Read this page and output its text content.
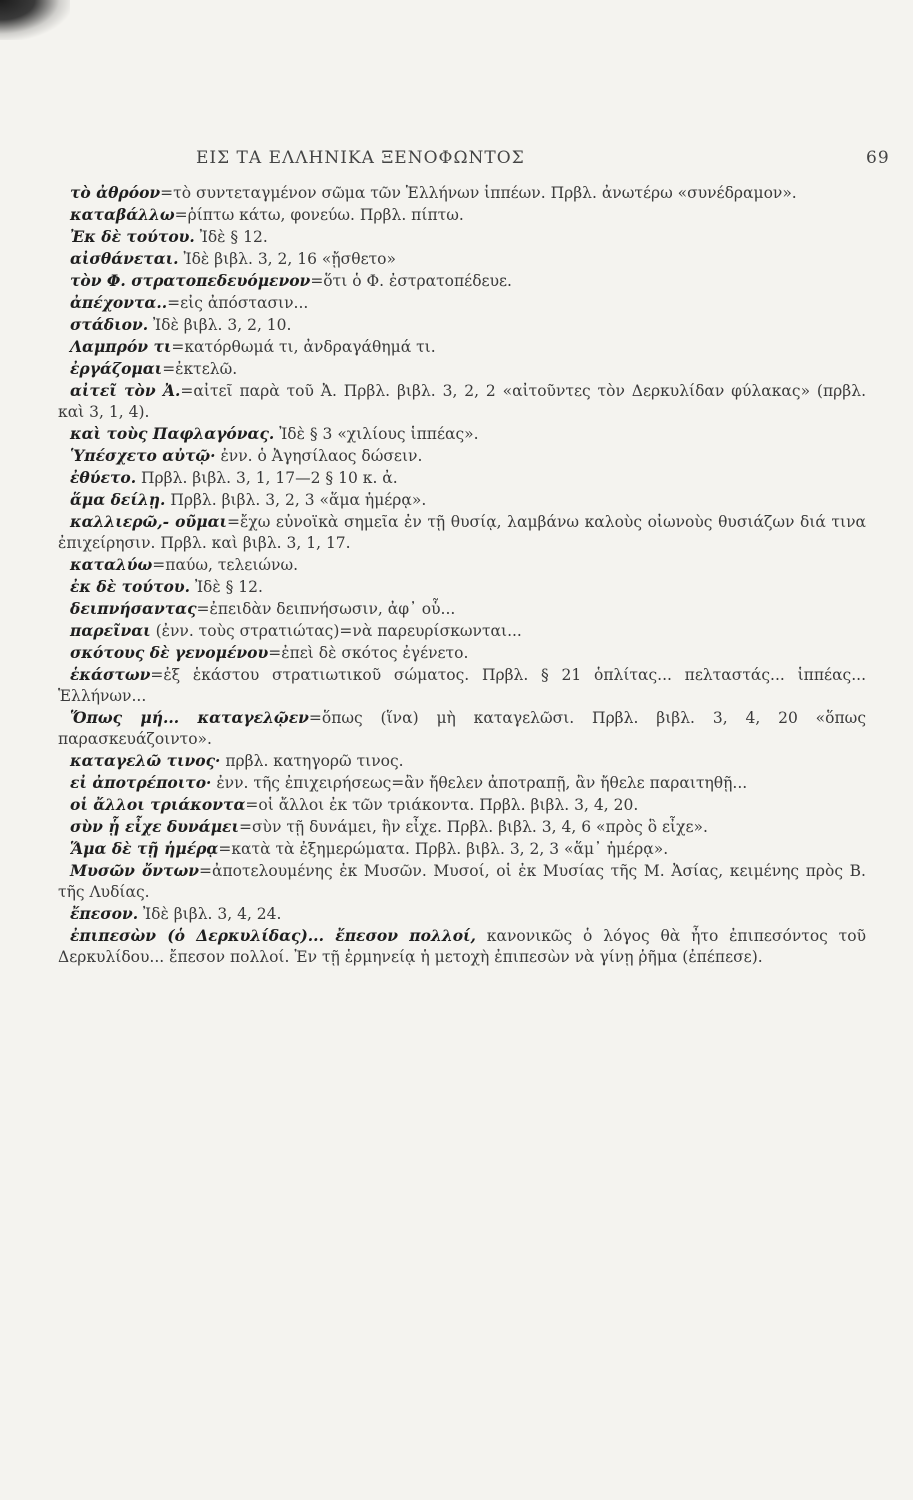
ΕΙΣ ΤΑ ΕΛΛΗΝΙΚΑ ΞΕΝΟΦΩΝΤΟΣ	69

τὸ ἀθρόον=τὸ συντεταγμένον σῶμα τῶν Ἑλλήνων ἱππέων. Πρβλ. ἀνωτέρω «συνέδραμον».

καταβάλλω=ῥίπτω κάτω, φονεύω. Πρβλ. πίπτω.

Ἐκ δὲ τούτου. Ἰδὲ § 12.

αἰσθάνεται. Ἰδὲ βιβλ. 3, 2, 16 «ᾔσθετο»

τὸν Φ. στρατοπεδευόμενον=ὅτι ὁ Φ. ἐστρατοπέδευε.

ἀπέχοντα..=εἰς ἀπόστασιν...

στάδιον. Ἰδὲ βιβλ. 3, 2, 10.

Λαμπρόν τι=κατόρθωμά τι, ἀνδραγάθημά τι.

ἐργάζομαι=ἐκτελῶ.

αἰτεῖ τὸν Ἀ.=αἰτεῖ παρὰ τοῦ Ἀ. Πρβλ. βιβλ. 3, 2, 2 «αἰτοῦντες τὸν Δερκυλίδαν φύλακας» (πρβλ. καὶ 3, 1, 4).

καὶ τοὺς Παφλαγόνας. Ἰδὲ § 3 «χιλίους ἱππέας».

Ὑπέσχετο αὐτῷ· ἐνν. ὁ Ἀγησίλαος δώσειν.

ἐθύετο. Πρβλ. βιβλ. 3, 1, 17—2 § 10 κ. ἀ.

ἅμα δείλῃ. Πρβλ. βιβλ. 3, 2, 3 «ἅμα ἡμέρᾳ».

καλλιερῶ,- οῦμαι=ἔχω εὐνοϊκὰ σημεῖα ἐν τῇ θυσίᾳ, λαμβάνω καλοὺς οἰωνοὺς θυσιάζων διά τινα ἐπιχείρησιν. Πρβλ. καὶ βιβλ. 3, 1, 17.

καταλύω=παύω, τελειώνω.

ἐκ δὲ τούτου. Ἰδὲ § 12.

δειπνήσαντας=ἐπειδὰν δειπνήσωσιν, ἀφ᾽ οὗ...

παρεῖναι (ἐνν. τοὺς στρατιώτας)=νὰ παρευρίσκωνται...

σκότους δὲ γενομένου=ἐπεὶ δὲ σκότος ἐγένετο.

ἑκάστων=ἐξ ἑκάστου στρατιωτικοῦ σώματος. Πρβλ. § 21 ὁπλίτας... πελταστάς... ἱππέας... Ἑλλήνων...

Ὅπως μή... καταγελῷεν=ὅπως (ἵνα) μὴ καταγελῶσι. Πρβλ. βιβλ. 3, 4, 20 «ὅπως παρασκευάζοιντο».

καταγελῶ τινος· πρβλ. κατηγορῶ τινος.

εἰ ἀποτρέποιτο· ἐνν. τῆς ἐπιχειρήσεως=ἂν ἤθελεν ἀποτραπῇ, ἂν ἤθελε παραιτηθῇ...

οἱ ἄλλοι τριάκοντα=οἱ ἄλλοι ἐκ τῶν τριάκοντα. Πρβλ. βιβλ. 3, 4, 20.

σὺν ᾗ εἶχε δυνάμει=σὺν τῇ δυνάμει, ἣν εἶχε. Πρβλ. βιβλ. 3, 4, 6 «πρὸς ὃ εἶχε».

Ἅμα δὲ τῇ ἡμέρᾳ=κατὰ τὰ ἐξημερώματα. Πρβλ. βιβλ. 3, 2, 3 «ἅμ᾽ ἡμέρᾳ».

Μυσῶν ὄντων=ἀποτελουμένης ἐκ Μυσῶν. Μυσοί, οἱ ἐκ Μυσίας τῆς Μ. Ἀσίας, κειμένης πρὸς Β. τῆς Λυδίας.

ἔπεσον. Ἰδὲ βιβλ. 3, 4, 24.

ἐπιπεσὼν (ὁ Δερκυλίδας)... ἔπεσον πολλοί, κανονικῶς ὁ λόγος θὰ ἦτο ἐπιπεσόντος τοῦ Δερκυλίδου... ἔπεσον πολλοί. Ἐν τῇ ἑρμηνείᾳ ἡ μετοχὴ ἐπιπεσὼν νὰ γίνῃ ῥῆμα (ἐπέπεσε).
